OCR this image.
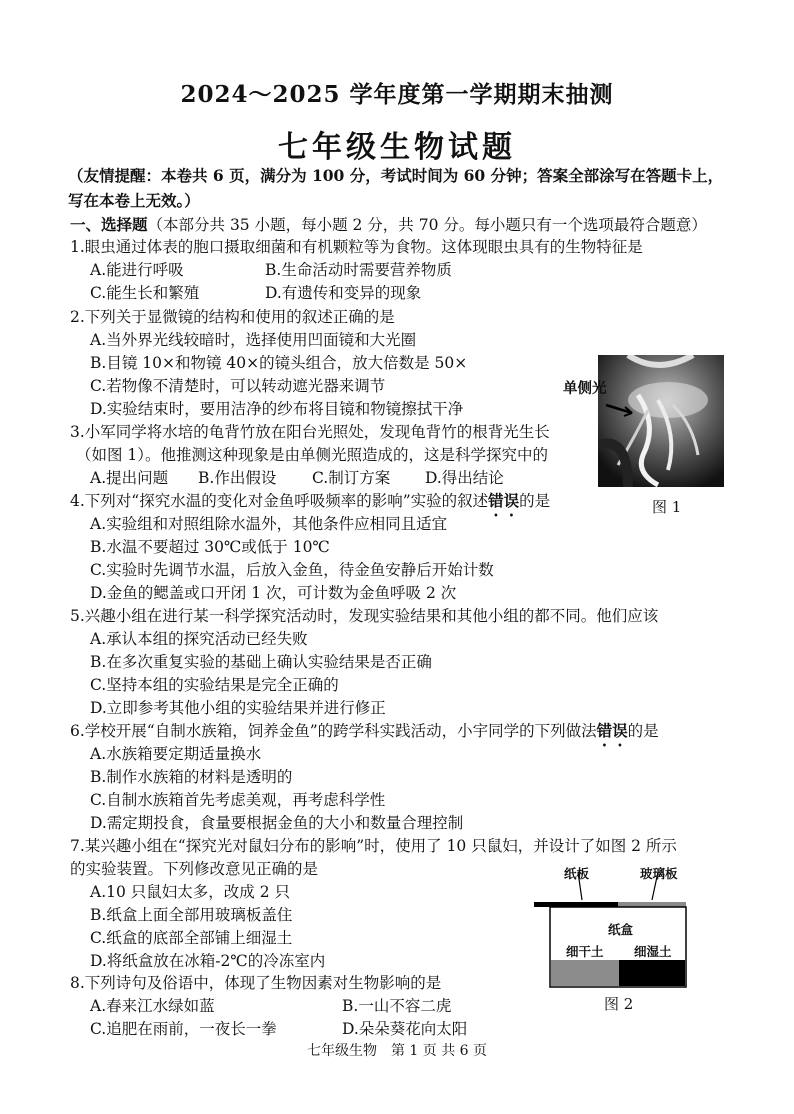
2024～2025 学年度第一学期期末抽测
七年级生物试题
（友情提醒：本卷共 6 页，满分为 100 分，考试时间为 60 分钟；答案全部涂写在答题卡上，写在本卷上无效。）
一、选择题（本部分共 35 小题，每小题 2 分，共 70 分。每小题只有一个选项最符合题意）
1.眼虫通过体表的胞口摄取细菌和有机颗粒等为食物。这体现眼虫具有的生物特征是
A.能进行呼吸	B.生命活动时需要营养物质
C.能生长和繁殖	D.有遗传和变异的现象
2.下列关于显微镜的结构和使用的叙述正确的是
A.当外界光线较暗时，选择使用凹面镜和大光圈
B.目镜 10×和物镜 40×的镜头组合，放大倍数是 50×
C.若物像不清楚时，可以转动遮光器来调节
D.实验结束时，要用洁净的纱布将目镜和物镜擦拭干净
3.小军同学将水培的龟背竹放在阳台光照处，发现龟背竹的根背光生长
（如图 1）。他推测这种现象是由单侧光照造成的，这是科学探究中的
A.提出问题 B.作出假设 C.制订方案 D.得出结论
单侧光
图 1
4.下列对“探究水温的变化对金鱼呼吸频率的影响”实验的叙述错误的是
A.实验组和对照组除水温外，其他条件应相同且适宜
B.水温不要超过 30℃或低于 10℃
C.实验时先调节水温，后放入金鱼，待金鱼安静后开始计数
D.金鱼的鳃盖或口开闭 1 次，可计数为金鱼呼吸 2 次
5.兴趣小组在进行某一科学探究活动时，发现实验结果和其他小组的都不同。他们应该
A.承认本组的探究活动已经失败
B.在多次重复实验的基础上确认实验结果是否正确
C.坚持本组的实验结果是完全正确的
D.立即参考其他小组的实验结果并进行修正
6.学校开展“自制水族箱，饲养金鱼”的跨学科实践活动，小宇同学的下列做法错误的是
A.水族箱要定期适量换水
B.制作水族箱的材料是透明的
C.自制水族箱首先考虑美观，再考虑科学性
D.需定期投食，食量要根据金鱼的大小和数量合理控制
7.某兴趣小组在“探究光对鼠妇分布的影响”时，使用了 10 只鼠妇，并设计了如图 2 所示
的实验装置。下列修改意见正确的是
A.10 只鼠妇太多，改成 2 只
B.纸盒上面全部用玻璃板盖住
C.纸盒的底部全部铺上细湿土
D.将纸盒放在冰箱-2℃的冷冻室内
纸板	玻璃板
纸盒
细干土 细湿土
图 2
8.下列诗句及俗语中，体现了生物因素对生物影响的是
A.春来江水绿如蓝	B.一山不容二虎
C.追肥在雨前，一夜长一拳	D.朵朵葵花向太阳
七年级生物　第 1 页 共 6 页
